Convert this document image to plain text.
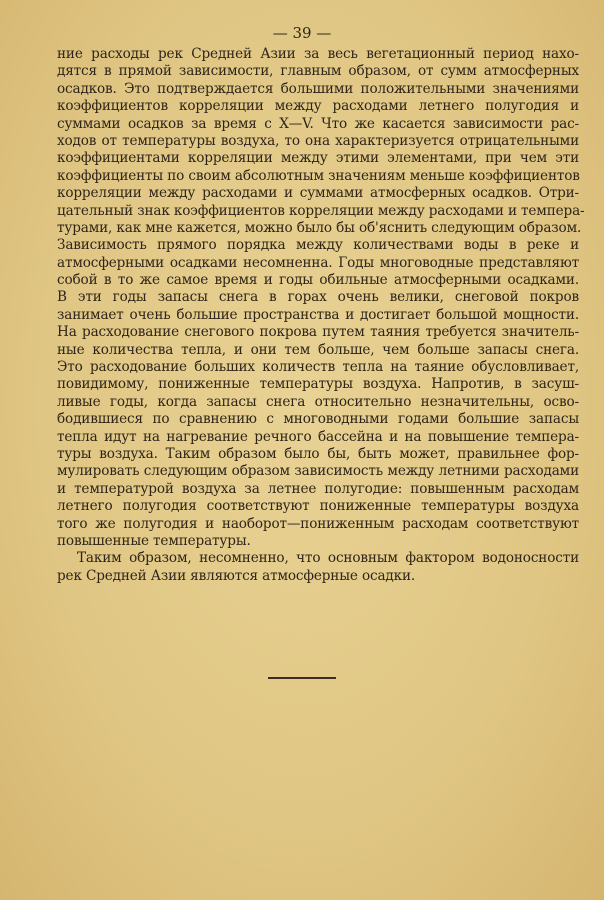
— 39 —
ние расходы рек Средней Азии за весь вегетационный период нахо-
дятся в прямой зависимости, главным образом, от сумм атмосферных
осадков. Это подтверждается большими положительными значениями
коэффициентов корреляции между расходами летнего полугодия и
суммами осадков за время с X—V. Что же касается зависимости рас-
ходов от температуры воздуха, то она характеризуется отрицательными
коэффициентами корреляции между этими элементами, при чем эти
коэффициенты по своим абсолютным значениям меньше коэффициентов
корреляции между расходами и суммами атмосферных осадков. Отри-
цательный знак коэффициентов корреляции между расходами и темпера-
турами, как мне кажется, можно было бы об'яснить следующим образом.
Зависимость прямого порядка между количествами воды в реке и
атмосферными осадками несомненна. Годы многоводные представляют
собой в то же самое время и годы обильные атмосферными осадками.
В эти годы запасы снега в горах очень велики, снеговой покров
занимает очень большие пространства и достигает большой мощности.
На расходование снегового покрова путем таяния требуется значитель-
ные количества тепла, и они тем больше, чем больше запасы снега.
Это расходование больших количеств тепла на таяние обусловливает,
повидимому, пониженные температуры воздуха. Напротив, в засуш-
ливые годы, когда запасы снега относительно незначительны, осво-
бодившиеся по сравнению с многоводными годами большие запасы
тепла идут на нагревание речного бассейна и на повышение темпера-
туры воздуха. Таким образом было бы, быть может, правильнее фор-
мулировать следующим образом зависимость между летними расходами
и температурой воздуха за летнее полугодие: повышенным расходам
летнего полугодия соответствуют пониженные температуры воздуха
того же полугодия и наоборот—пониженным расходам соответствуют
повышенные температуры.
Таким образом, несомненно, что основным фактором водоносности
рек Средней Азии являются атмосферные осадки.
